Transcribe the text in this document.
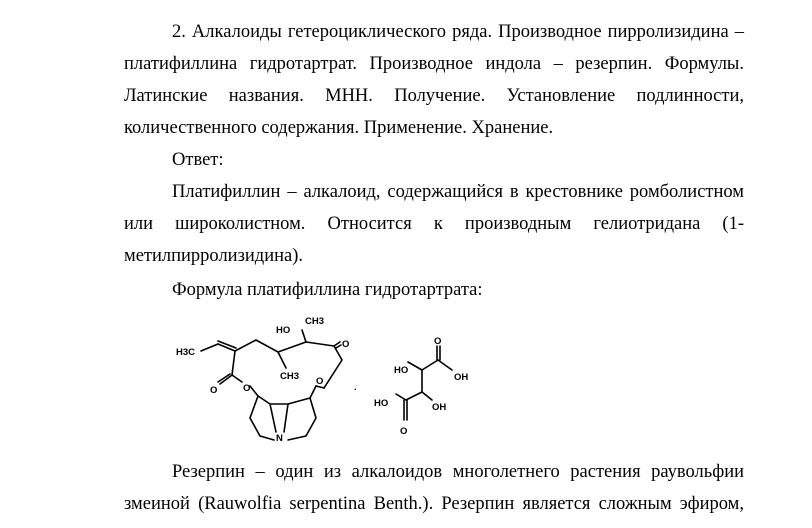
2. Алкалоиды гетероциклического ряда. Производное пирролизидина –
платифиллина гидротартрат. Производное индола – резерпин. Формулы.
Латинские названия. МНН. Получение. Установление подлинности,
количественного содержания. Применение. Хранение.
Ответ:
Платифиллин – алкалоид, содержащийся в крестовнике ромболистном
или широколистном. Относится к производным гелиотридана (1-
метилпирролизидина).
Формула платифиллина гидротартрата:
Резерпин – один из алкалоидов многолетнего растения раувольфии
змеиной (Rauwolfia serpentina Benth.). Резерпин является сложным эфиром,
H3C
CH3
HO
CH3
O	O
O
O
N
.
O
HO
OH
OH
HO
O
